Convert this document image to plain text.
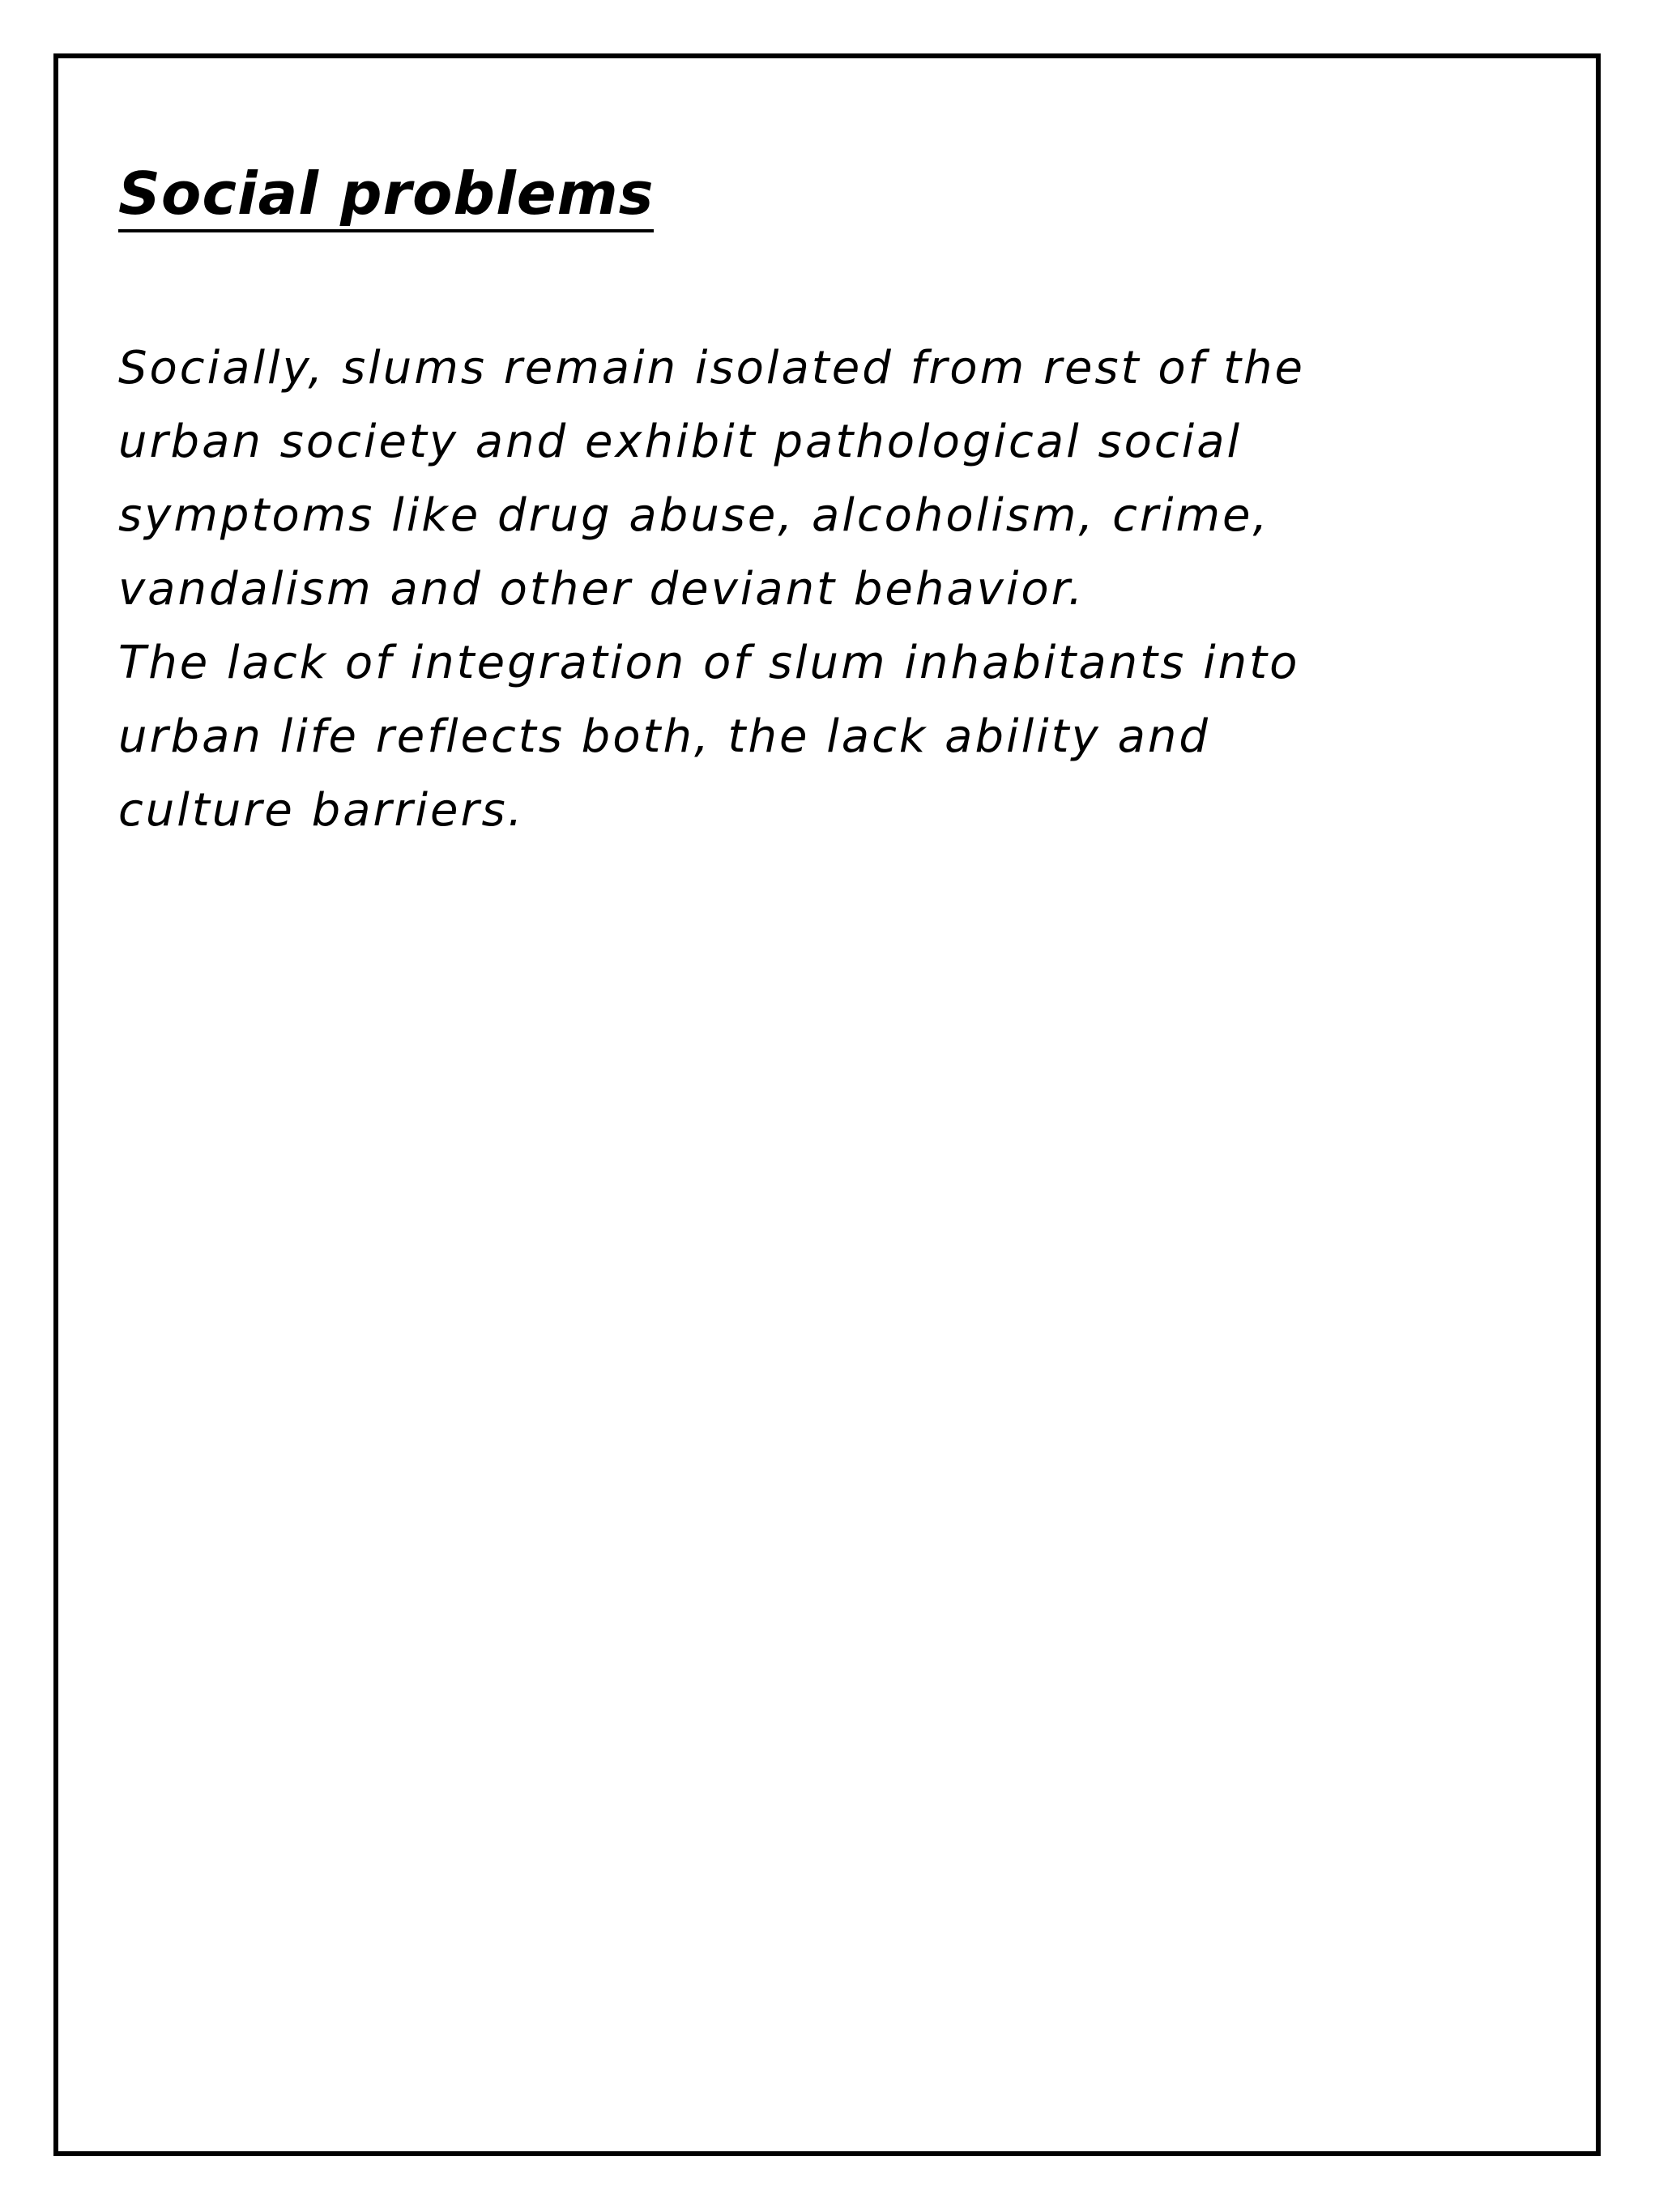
Social problems

Socially, slums remain isolated from rest of the
urban society and exhibit pathological social
symptoms like drug abuse, alcoholism, crime,
vandalism and other deviant behavior.

The lack of integration of slum inhabitants into
urban life reflects both, the lack ability and
culture barriers.
